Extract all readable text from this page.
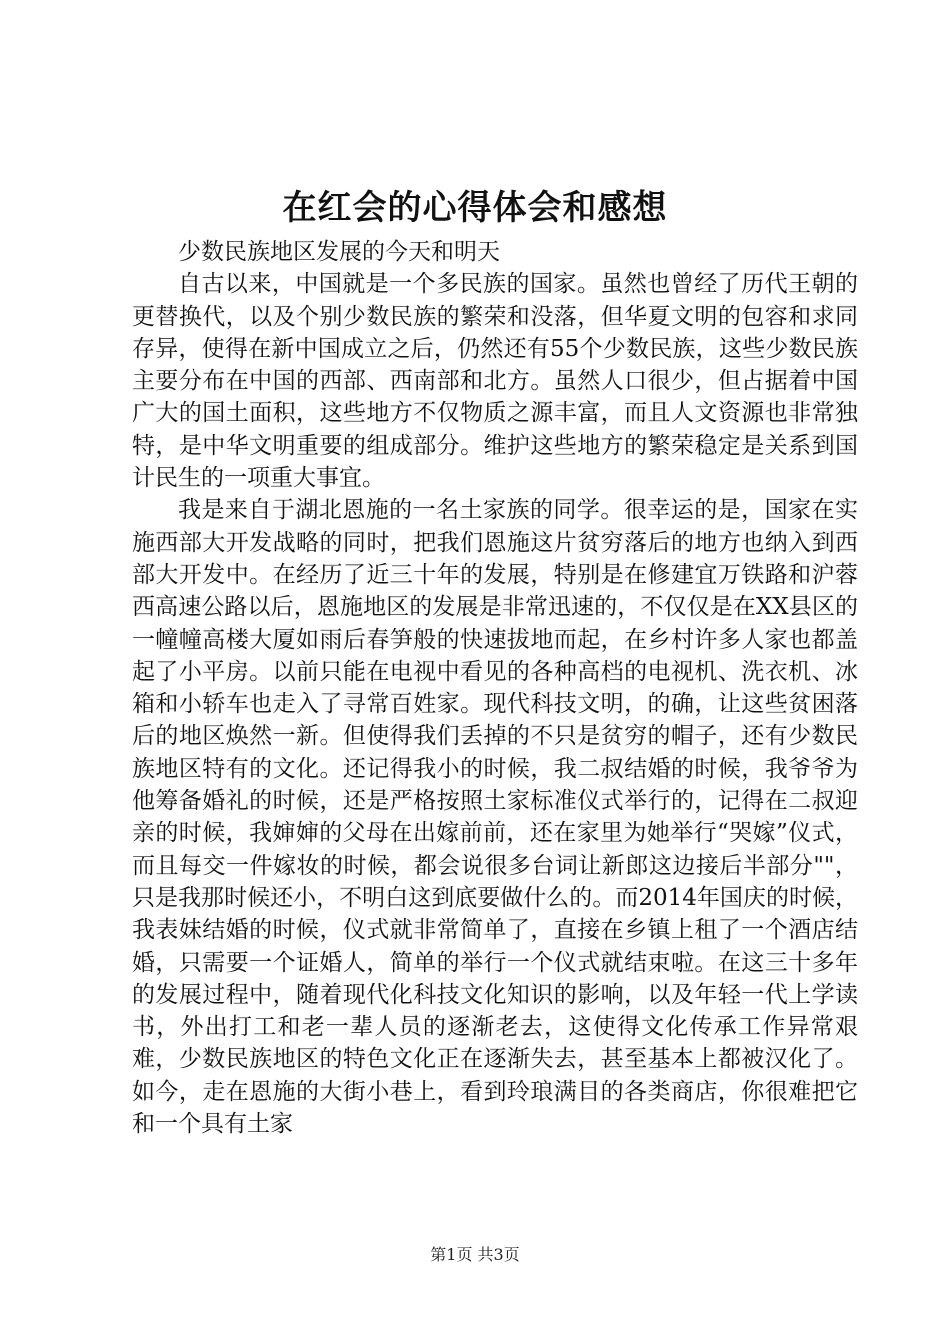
在红会的心得体会和感想

少数民族地区发展的今天和明天

自古以来，中国就是一个多民族的国家。虽然也曾经了历代王朝的更替换代，以及个别少数民族的繁荣和没落，但华夏文明的包容和求同存异，使得在新中国成立之后，仍然还有55个少数民族，这些少数民族主要分布在中国的西部、西南部和北方。虽然人口很少，但占据着中国广大的国土面积，这些地方不仅物质之源丰富，而且人文资源也非常独特，是中华文明重要的组成部分。维护这些地方的繁荣稳定是关系到国计民生的一项重大事宜。

我是来自于湖北恩施的一名土家族的同学。很幸运的是，国家在实施西部大开发战略的同时，把我们恩施这片贫穷落后的地方也纳入到西部大开发中。在经历了近三十年的发展，特别是在修建宜万铁路和沪蓉西高速公路以后，恩施地区的发展是非常迅速的，不仅仅是在XX县区的一幢幢高楼大厦如雨后春笋般的快速拔地而起，在乡村许多人家也都盖起了小平房。以前只能在电视中看见的各种高档的电视机、洗衣机、冰箱和小轿车也走入了寻常百姓家。现代科技文明，的确，让这些贫困落后的地区焕然一新。但使得我们丢掉的不只是贫穷的帽子，还有少数民族地区特有的文化。还记得我小的时候，我二叔结婚的时候，我爷爷为他筹备婚礼的时候，还是严格按照土家标准仪式举行的，记得在二叔迎亲的时候，我婶婶的父母在出嫁前前，还在家里为她举行“哭嫁”仪式，而且每交一件嫁妆的时候，都会说很多台词让新郎这边接后半部分""，只是我那时候还小，不明白这到底要做什么的。而2014年国庆的时候，我表妹结婚的时候，仪式就非常简单了，直接在乡镇上租了一个酒店结婚，只需要一个证婚人，简单的举行一个仪式就结束啦。在这三十多年的发展过程中，随着现代化科技文化知识的影响，以及年轻一代上学读书，外出打工和老一辈人员的逐渐老去，这使得文化传承工作异常艰难，少数民族地区的特色文化正在逐渐失去，甚至基本上都被汉化了。如今，走在恩施的大街小巷上，看到玲琅满目的各类商店，你很难把它和一个具有土家

第1页 共3页
